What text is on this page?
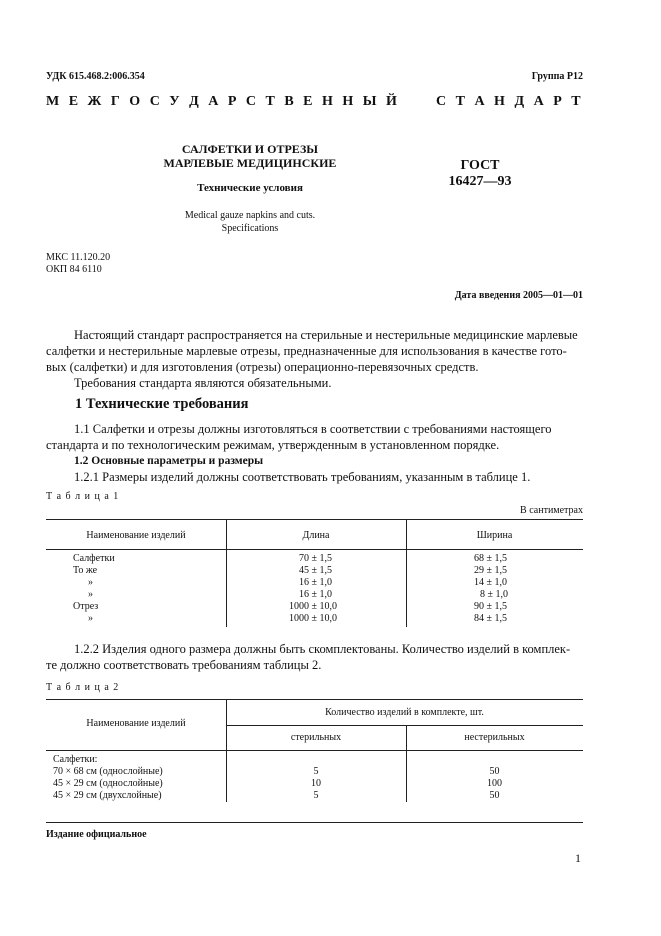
УДК 615.468.2:006.354	Группа Р12
М Е Ж Г О С У Д А Р С Т В Е Н Н Ы Й	С Т А Н Д А Р Т
САЛФЕТКИ И ОТРЕЗЫ
МАРЛЕВЫЕ МЕДИЦИНСКИЕ
Технические условия
Medical gauze napkins and cuts.
Specifications
ГОСТ
16427—93
МКС 11.120.20
ОКП 84 6110
Дата введения 2005—01—01
Настоящий стандарт распространяется на стерильные и нестерильные медицинские марлевые
салфетки и нестерильные марлевые отрезы, предназначенные для использования в качестве гото-
вых (салфетки) и для изготовления (отрезы) операционно-перевязочных средств.
Требования стандарта являются обязательными.
1 Технические требования
1.1 Салфетки и отрезы должны изготовляться в соответствии с требованиями настоящего
стандарта и по технологическим режимам, утвержденным в установленном порядке.
1.2 Основные параметры и размеры
1.2.1 Размеры изделий должны соответствовать требованиям, указанным в таблице 1.
Т а б л и ц а 1
В сантиметрах
Наименование изделий	Длина	Ширина
Салфетки	70 ± 1,5	68 ± 1,5
То же	45 ± 1,5	29 ± 1,5
»	16 ± 1,0	14 ± 1,0
»	16 ± 1,0	8 ± 1,0
Отрез	1000 ± 10,0	90 ± 1,5
»	1000 ± 10,0	84 ± 1,5
1.2.2 Изделия одного размера должны быть скомплектованы. Количество изделий в комплек-
те должно соответствовать требованиям таблицы 2.
Т а б л и ц а 2
Наименование изделий
Количество изделий в комплекте, шт.
стерильных	нестерильных
Салфетки:
70 × 68 см (однослойные)	5	50
45 × 29 см (однослойные)	10	100
45 × 29 см (двухслойные)	5	50
Издание официальное
1
